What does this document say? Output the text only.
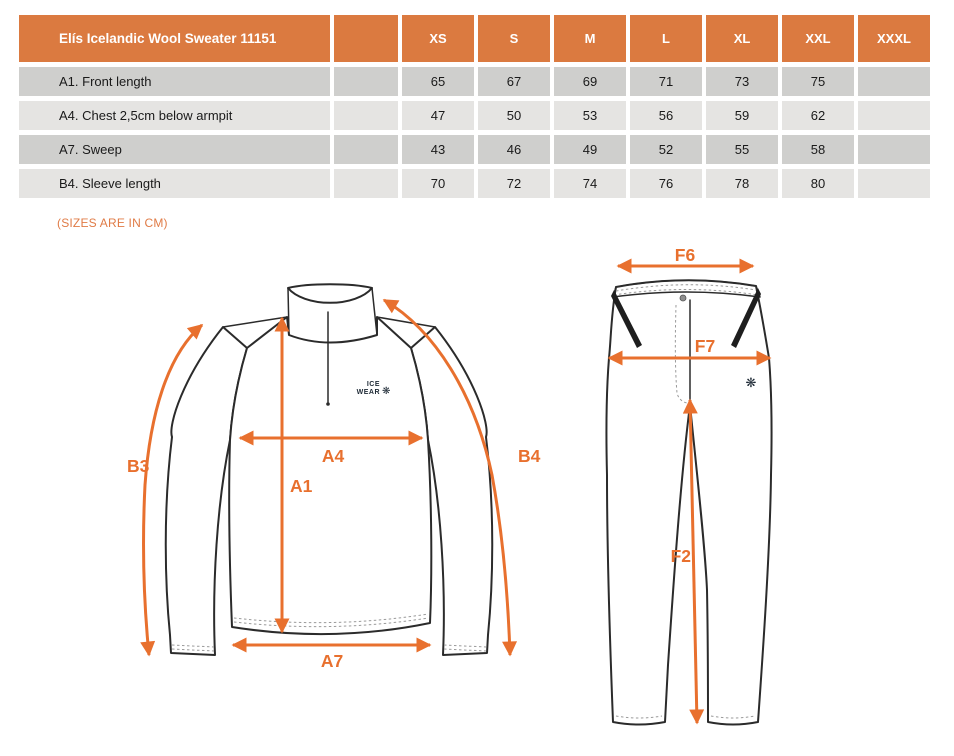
Elís Icelandic Wool Sweater 11151		XS	S	M	L	XL	XXL	XXXL
A1. Front length		65	67	69	71	73	75	
A4. Chest 2,5cm below armpit		47	50	53	56	59	62	
A7. Sweep		43	46	49	52	55	58	
B4. Sleeve length		70	72	74	76	78	80	
(SIZES ARE IN CM)
ICE
WEAR ❋
A4
A1
A7
B3	B4
❋
F6
F7
F2
